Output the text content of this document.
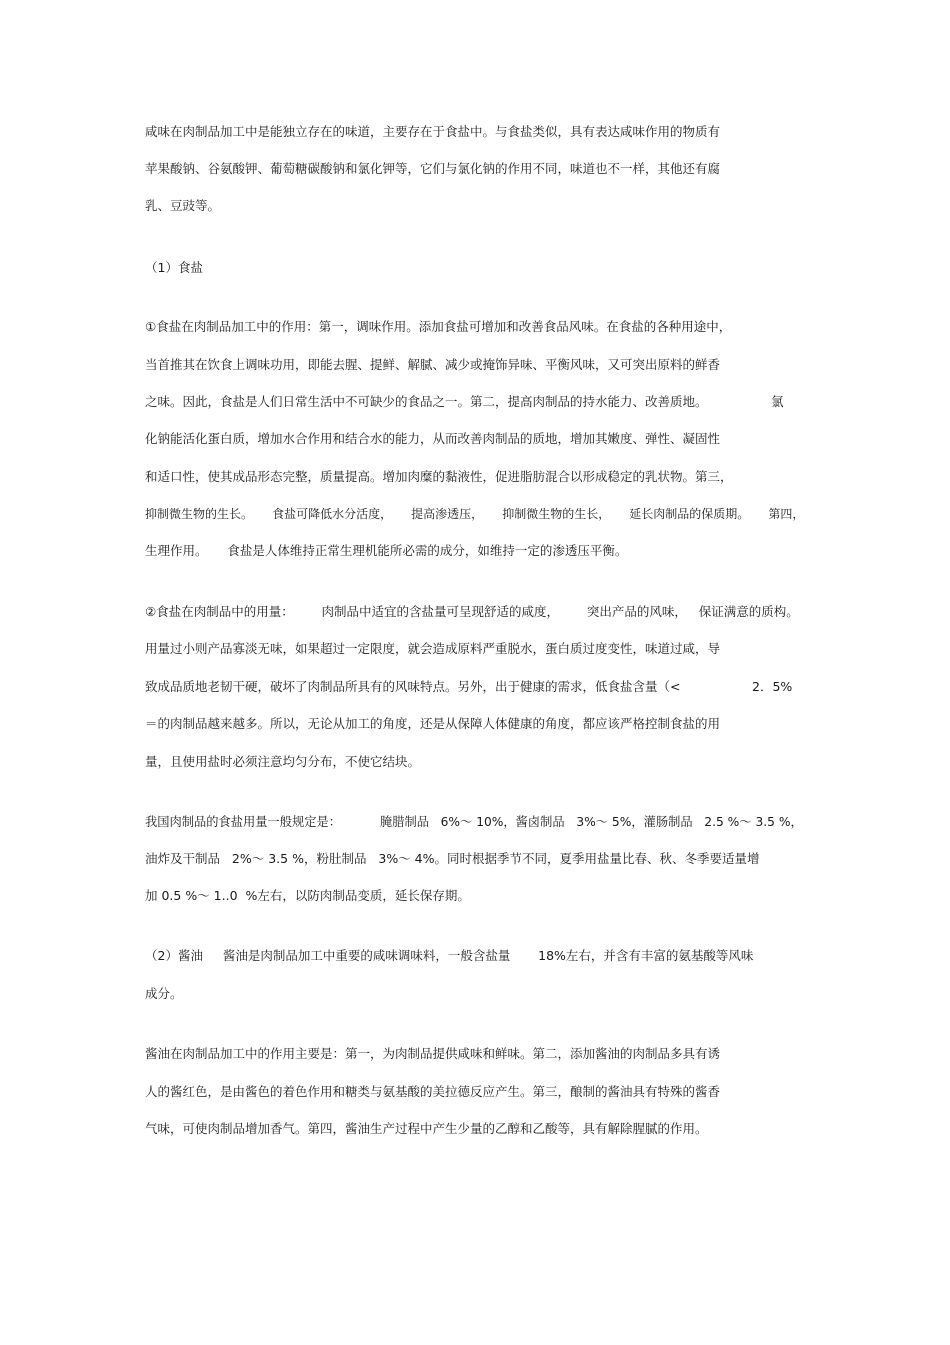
咸味在肉制品加工中是能独立存在的味道，主要存在于食盐中。与食盐类似，具有表达咸味作用的物质有
苹果酸钠、谷氨酸钾、葡萄糖碳酸钠和氯化钾等，它们与氯化钠的作用不同，味道也不一样，其他还有腐
乳、豆豉等。
（1）食盐
①食盐在肉制品加工中的作用：第一，调味作用。添加食盐可增加和改善食品风味。在食盐的各种用途中，
当首推其在饮食上调味功用，即能去腥、提鲜、解腻、减少或掩饰异味、平衡风味，又可突出原料的鲜香
之味。因此，食盐是人们日常生活中不可缺少的食品之一。第二，提高肉制品的持水能力、改善质地。                氯
化钠能活化蛋白质，增加水合作用和结合水的能力，从而改善肉制品的质地，增加其嫩度、弹性、凝固性
和适口性，使其成品形态完整，质量提高。增加肉糜的黏液性，促进脂肪混合以形成稳定的乳状物。第三，
抑制微生物的生长。     食盐可降低水分活度，     提高渗透压，     抑制微生物的生长，     延长肉制品的保质期。     第四，
生理作用。     食盐是人体维持正常生理机能所必需的成分，如维持一定的渗透压平衡。
②食盐在肉制品中的用量：       肉制品中适宜的含盐量可呈现舒适的咸度，       突出产品的风味，   保证满意的质构。
用量过小则产品寡淡无味，如果超过一定限度，就会造成原料严重脱水，蛋白质过度变性，味道过咸，导
致成品质地老韧干硬，破坏了肉制品所具有的风味特点。另外，出于健康的需求，低食盐含量（<                  2．5%
＝的肉制品越来越多。所以，无论从加工的角度，还是从保障人体健康的角度，都应该严格控制食盐的用
量，且使用盐时必须注意均匀分布，不使它结块。
我国肉制品的食盐用量一般规定是：          腌腊制品   6%～ 10%，酱卤制品   3%～ 5%，灌肠制品   2.5 %～ 3.5 %，
油炸及干制品   2%～ 3.5 %，粉肚制品   3%～ 4%。同时根据季节不同，夏季用盐量比春、秋、冬季要适量增
加 0.5 %～ 1..0  %左右，以防肉制品变质，延长保存期。
（2）酱油     酱油是肉制品加工中重要的咸味调味料，一般含盐量       18%左右，并含有丰富的氨基酸等风味
成分。
酱油在肉制品加工中的作用主要是：第一，为肉制品提供咸味和鲜味。第二，添加酱油的肉制品多具有诱
人的酱红色，是由酱色的着色作用和糖类与氨基酸的美拉德反应产生。第三，酿制的酱油具有特殊的酱香
气味，可使肉制品增加香气。第四，酱油生产过程中产生少量的乙醇和乙酸等，具有解除腥腻的作用。
